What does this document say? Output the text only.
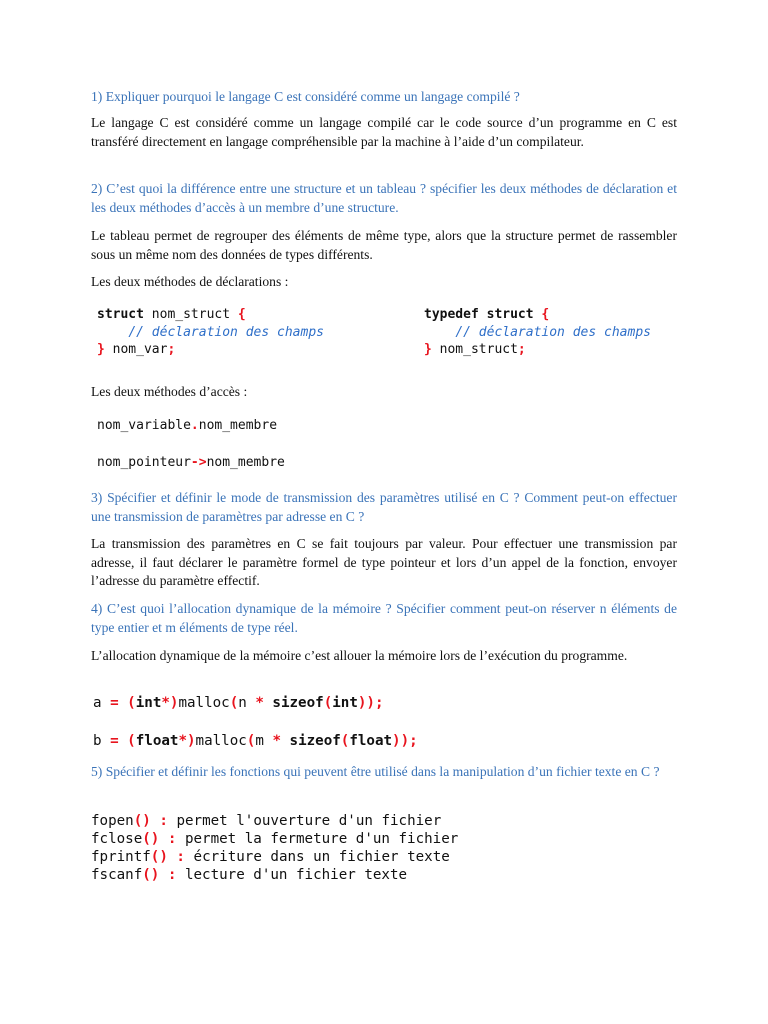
1) Expliquer pourquoi le langage C est considéré comme un langage compilé ?

Le langage C est considéré comme un langage compilé car le code source d’un programme en C est transféré directement en langage compréhensible par la machine à l’aide d’un compilateur.

2) C’est quoi la différence entre une structure et un tableau ? spécifier les deux méthodes de déclaration et les deux méthodes d’accès à un membre d’une structure.

Le tableau permet de regrouper des éléments de même type, alors que la structure permet de rassembler sous un même nom des données de types différents.

Les deux méthodes de déclarations :

struct nom_struct {
// déclaration des champs
} nom_var;
typedef struct {
// déclaration des champs
} nom_struct;

Les deux méthodes d’accès :

nom_variable.nom_membre
nom_pointeur->nom_membre

3) Spécifier et définir le mode de transmission des paramètres utilisé en C ? Comment peut-on effectuer une transmission de paramètres par adresse en C ?

La transmission des paramètres en C se fait toujours par valeur. Pour effectuer une transmission par adresse, il faut déclarer le paramètre formel de type pointeur et lors d’un appel de la fonction, envoyer l’adresse du paramètre effectif.

4) C’est quoi l’allocation dynamique de la mémoire ? Spécifier comment peut-on réserver n éléments de type entier et m éléments de type réel.

L’allocation dynamique de la mémoire c’est allouer la mémoire lors de l’exécution du programme.

a = (int*)malloc(n * sizeof(int));
b = (float*)malloc(m * sizeof(float));

5) Spécifier et définir les fonctions qui peuvent être utilisé dans la manipulation d’un fichier texte en C ?

fopen() : permet l'ouverture d'un fichier
fclose() : permet la fermeture d'un fichier
fprintf() : écriture dans un fichier texte
fscanf() : lecture d'un fichier texte
